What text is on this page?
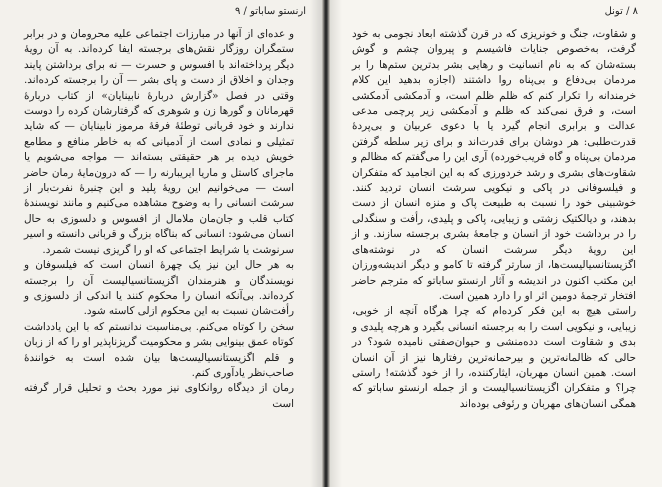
ارنستو ساباتو / ۹

و عده‌ای از آنها در مبارزات اجتماعی علیه محرومان و در برابر ستمگران روزگار نقش‌های برجسته ایفا کرده‌اند. به آن رویهٔ دیگر پرداخته‌اند با افسوس و حسرت — نه برای برداشتن پایند وجدان و اخلاق از دست و پای بشر — آن را برجسته کرده‌اند. وقتی در فصل «گزارش دربارهٔ نابینایان» از کتاب دربارهٔ قهرمانان و گورها زن و شوهری که گرفتارشان کرده را دوست ندارند و خود قربانی توطئهٔ فرقهٔ مرموز نابینایان — که شاید تمثیلی و نمادی است از آدمیانی که به خاطر منافع و مطامع خویش دیده بر هر حقیقتی بسته‌اند — مواجه می‌شویم یا ماجرای کاستل و ماریا ایریبارنه را — که درون‌مایهٔ رمان حاضر است — می‌خوانیم این رویهٔ پلید و این چنبرهٔ نفرت‌بار از سرشت انسانی را به وضوح مشاهده می‌کنیم و مانند نویسندهٔ کتاب قلب و جان‌مان ملامال از افسوس و دلسوزی به حال انسان می‌شود: انسانی که بناگاه بزرگ و قربانی دانسته و اسیر سرنوشت یا شرایط اجتماعی که او را گریزی نیست شمرد.

به هر حال این نیز یک چهرهٔ انسان است که فیلسوفان و نویسندگان و هنرمندان اگزیستانسیالیست آن را برجسته کرده‌اند. بی‌آنکه انسان را محکوم کنند یا اندکی از دلسوزی و رأفت‌شان نسبت به این محکوم ازلی کاسته شود.

سخن را کوتاه می‌کنم. بی‌مناسبت ندانستم که با این یادداشت کوتاه عمق بینوایی بشر و محکومیت گریزناپذیر او را که از زبان و قلم اگزیستانسیالیست‌ها بیان شده است به خوانندهٔ صاحب‌نظر یادآوری کنم.

رمان از دیدگاه روانکاوی نیز مورد بحث و تحلیل قرار گرفته است

۸ / تونل

و شقاوت، جنگ و خونریزی که در قرن گذشته ابعاد نجومی به خود گرفت، به‌خصوص جنایات فاشیسم و پیروان چشم و گوش بسته‌شان که به نام انسانیت و رهایی بشر بدترین ستم‌ها را بر مردمان بی‌دفاع و بی‌پناه روا داشتند (اجازه بدهید این کلام خرمندانه را تکرار کنم که ظلم ظلم است، و آدمکشی آدمکشی است، و فرق نمی‌کند که ظلم و آدمکشی زیر پرچمی مدعی عدالت و برابری انجام گیرد یا با دعوی عربیان و بی‌پردهٔ قدرت‌طلبی: هر دوشان برای قدرت‌اند و برای زیر سلطه گرفتن مردمان بی‌پناه و گاه فریب‌خورده) آری این را می‌گفتم که مظالم و شقاوت‌های بشری و رشد خردورزی که به این انجامید که متفکران و فیلسوفانی در پاکی و نیکویی سرشت انسان تردید کنند. خوشبینی خود را نسبت به طبیعت پاک و منزه انسان از دست بدهند، و دیالکتیک زشتی و زیبایی، پاکی و پلیدی، رأفت و سنگدلی را در برداشت خود از انسان و جامعهٔ بشری برجسته سازند. و از این رویهٔ دیگر سرشت انسان که در نوشته‌های اگزیستانسیالیست‌ها، از سارتر گرفته تا کامو و دیگر اندیشه‌ورزان این مکتب اکنون در اندیشه و آثار ارنستو ساباتو که مترجم حاضر افتخار ترجمهٔ دومین اثر او را دارد همین است.

راستی هیچ به این فکر کرده‌ام که چرا هرگاه آنچه از خوبی، زیبایی، و نیکویی است را به برجسته انسانی بگیرد و هرچه پلیدی و بدی و شقاوت است دده‌منشی و حیوان‌صفتی نامیده شود؟ در حالی که ظالمانه‌ترین و بیرحمانه‌ترین رفتارها نیز از آن انسان است. همین انسان مهربان، ایثارکننده، را از خود گذشته! راستی چرا؟ و متفکران اگزیستانسیالیست و از جمله ارنستو ساباتو که همگی انسان‌های مهربان و رئوفی بوده‌اند
